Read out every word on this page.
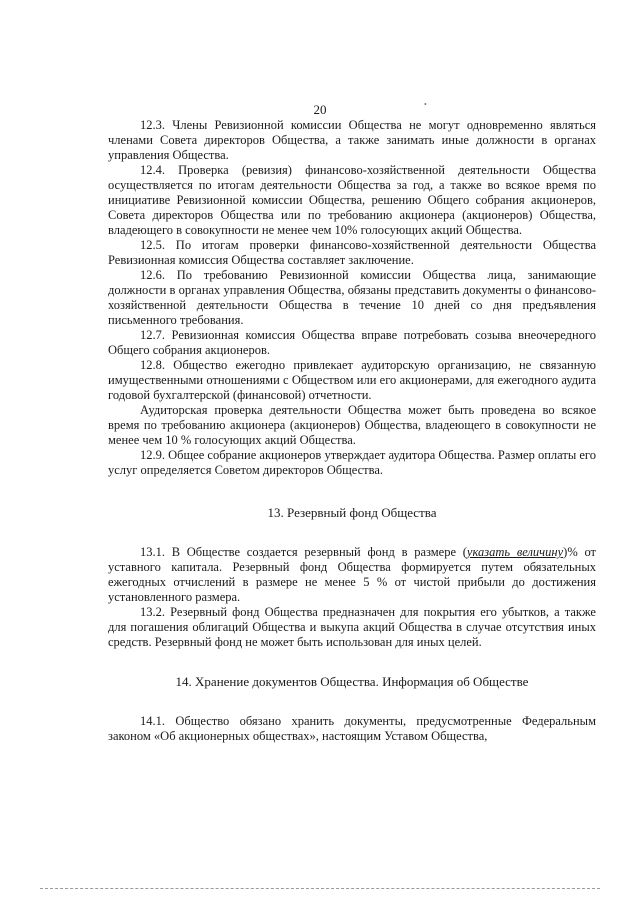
20	•

12.3. Члены Ревизионной комиссии Общества не могут одновременно являться членами Совета директоров Общества, а также занимать иные должности в органах управления Общества.

12.4. Проверка (ревизия) финансово-хозяйственной деятельности Общества осуществляется по итогам деятельности Общества за год, а также во всякое время по инициативе Ревизионной комиссии Общества, решению Общего собрания акционеров, Совета директоров Общества или по требованию акционера (акционеров) Общества, владеющего в совокупности не менее чем 10% голосующих акций Общества.

12.5. По итогам проверки финансово-хозяйственной деятельности Общества Ревизионная комиссия Общества составляет заключение.

12.6. По требованию Ревизионной комиссии Общества лица, занимающие должности в органах управления Общества, обязаны представить документы о финансово-хозяйственной деятельности Общества в течение 10 дней со дня предъявления письменного требования.

12.7. Ревизионная комиссия Общества вправе потребовать созыва внеочередного Общего собрания акционеров.

12.8. Общество ежегодно привлекает аудиторскую организацию, не связанную имущественными отношениями с Обществом или его акционерами, для ежегодного аудита годовой бухгалтерской (финансовой) отчетности.

Аудиторская проверка деятельности Общества может быть проведена во всякое время по требованию акционера (акционеров) Общества, владеющего в совокупности не менее чем 10 % голосующих акций Общества.

12.9. Общее собрание акционеров утверждает аудитора Общества. Размер оплаты его услуг определяется Советом директоров Общества.

13. Резервный фонд Общества

13.1. В Обществе создается резервный фонд в размере (указать величину)% от уставного капитала. Резервный фонд Общества формируется путем обязательных ежегодных отчислений в размере не менее 5 % от чистой прибыли до достижения установленного размера.

13.2. Резервный фонд Общества предназначен для покрытия его убытков, а также для погашения облигаций Общества и выкупа акций Общества в случае отсутствия иных средств. Резервный фонд не может быть использован для иных целей.

14. Хранение документов Общества. Информация об Обществе

14.1. Общество обязано хранить документы, предусмотренные Федеральным законом «Об акционерных обществах», настоящим Уставом Общества,
